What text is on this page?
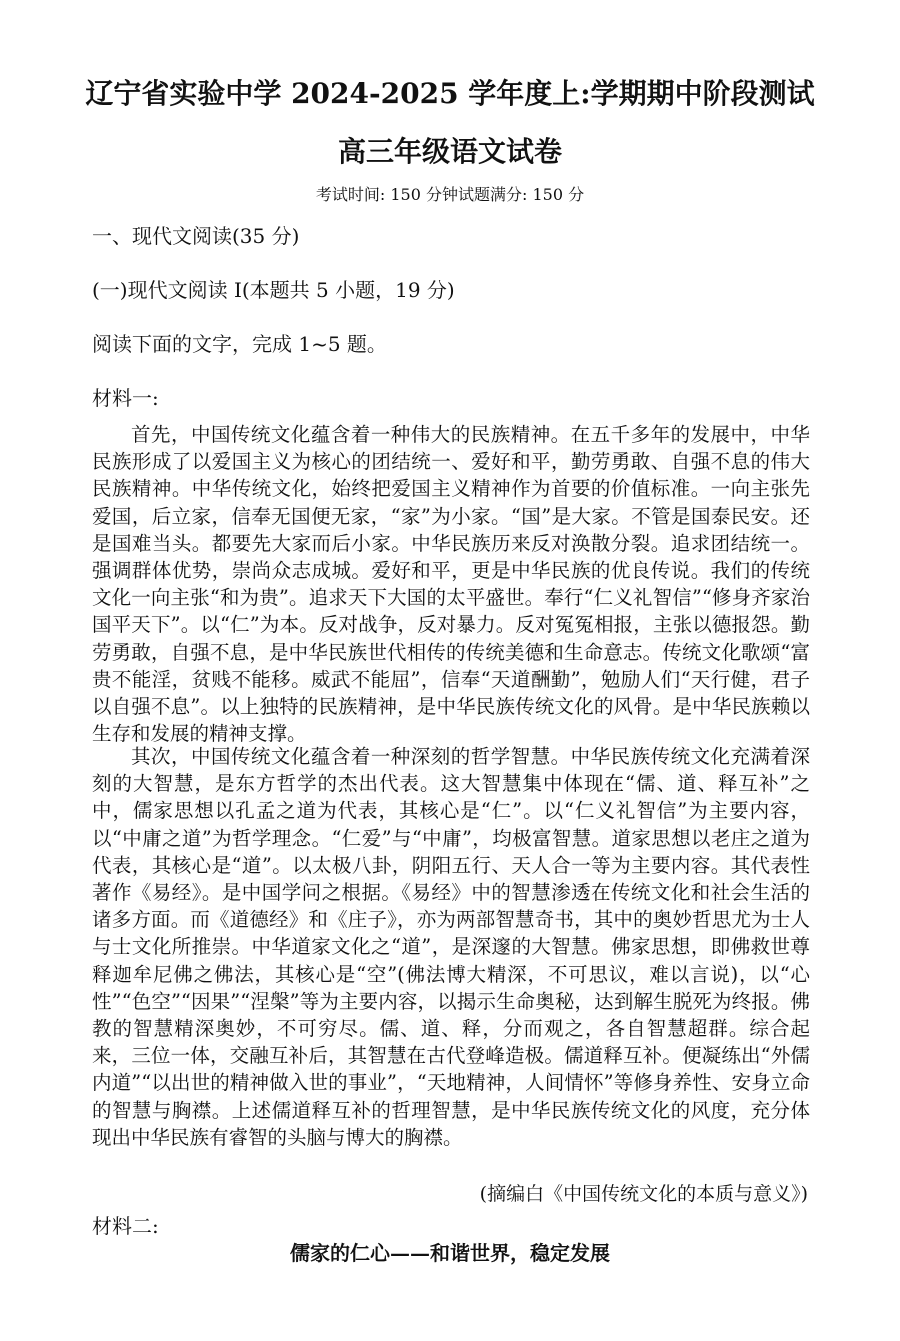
辽宁省实验中学 2024-2025 学年度上:学期期中阶段测试
高三年级语文试卷
考试时间: 150 分钟试题满分: 150 分
一、现代文阅读(35 分)
(一)现代文阅读 I(本题共 5 小题，19 分)
阅读下面的文字，完成 1~5 题。
材料一:

首先，中国传统文化蕴含着一种伟大的民族精神。在五千多年的发展中，中华民族形成了以爱国主义为核心的团结统一、爱好和平，勤劳勇敢、自强不息的伟大民族精神。中华传统文化，始终把爱国主义精神作为首要的价值标准。一向主张先爱国，后立家，信奉无国便无家，“家”为小家。“国”是大家。不管是国泰民安。还是国难当头。都要先大家而后小家。中华民族历来反对涣散分裂。追求团结统一。强调群体优势，崇尚众志成城。爱好和平，更是中华民族的优良传说。我们的传统文化一向主张“和为贵”。追求天下大国的太平盛世。奉行“仁义礼智信”“修身齐家治国平天下”。以“仁”为本。反对战争，反对暴力。反对冤冤相报，主张以德报怨。勤劳勇敢，自强不息，是中华民族世代相传的传统美德和生命意志。传统文化歌颂“富贵不能淫，贫贱不能移。威武不能屈”，信奉“天道酬勤”，勉励人们“天行健，君子以自强不息”。以上独特的民族精神，是中华民族传统文化的风骨。是中华民族赖以生存和发展的精神支撑。

其次，中国传统文化蕴含着一种深刻的哲学智慧。中华民族传统文化充满着深刻的大智慧，是东方哲学的杰出代表。这大智慧集中体现在“儒、道、释互补”之中，儒家思想以孔孟之道为代表，其核心是“仁”。以“仁义礼智信”为主要内容，以“中庸之道”为哲学理念。“仁爱”与“中庸”，均极富智慧。道家思想以老庄之道为代表，其核心是“道”。以太极八卦，阴阳五行、天人合一等为主要内容。其代表性著作《易经》。是中国学问之根据。《易经》中的智慧渗透在传统文化和社会生活的诸多方面。而《道德经》和《庄子》，亦为两部智慧奇书，其中的奥妙哲思尤为士人与士文化所推崇。中华道家文化之“道”，是深邃的大智慧。佛家思想，即佛救世尊释迦牟尼佛之佛法，其核心是“空”(佛法博大精深，不可思议，难以言说)，以“心性”“色空”“因果”“涅槃”等为主要内容，以揭示生命奥秘，达到解生脱死为终报。佛教的智慧精深奥妙，不可穷尽。儒、道、释，分而观之，各自智慧超群。综合起来，三位一体，交融互补后，其智慧在古代登峰造极。儒道释互补。便凝练出“外儒内道”“以出世的精神做入世的事业”，“天地精神，人间情怀”等修身养性、安身立命的智慧与胸襟。上述儒道释互补的哲理智慧，是中华民族传统文化的风度，充分体现出中华民族有睿智的头脑与博大的胸襟。

(摘编白《中国传统文化的本质与意义》)
材料二:
儒家的仁心——和谐世界，稳定发展
